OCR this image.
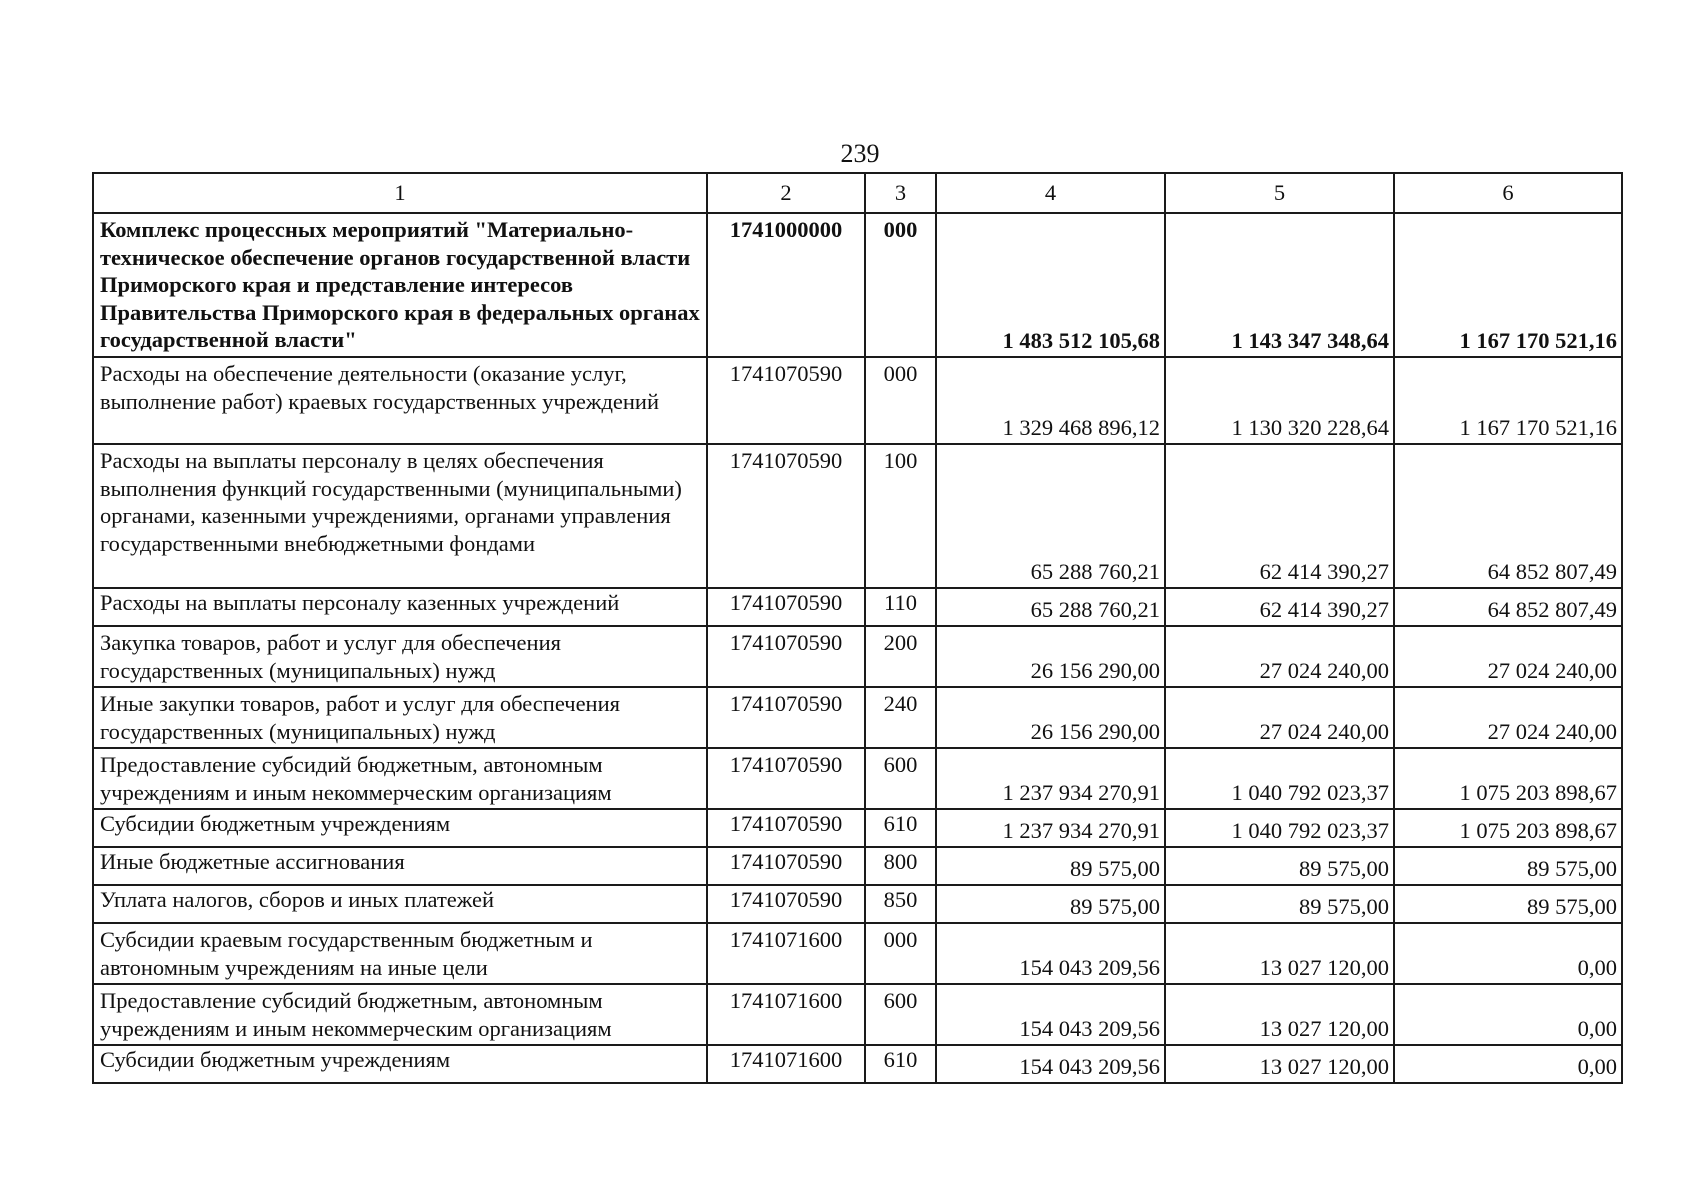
239
1	2	3	4	5	6
Комплекс процессных мероприятий "Материально-техническое обеспечение органов государственной власти Приморского края и представление интересов Правительства Приморского края в федеральных органах государственной власти"	1741000000	000	1 483 512 105,68	1 143 347 348,64	1 167 170 521,16
Расходы на обеспечение деятельности (оказание услуг, выполнение работ) краевых государственных учреждений	1741070590	000	1 329 468 896,12	1 130 320 228,64	1 167 170 521,16
Расходы на выплаты персоналу в целях обеспечения выполнения функций государственными (муниципальными) органами, казенными учреждениями, органами управления государственными внебюджетными фондами	1741070590	100	65 288 760,21	62 414 390,27	64 852 807,49
Расходы на выплаты персоналу казенных учреждений	1741070590	110	65 288 760,21	62 414 390,27	64 852 807,49
Закупка товаров, работ и услуг для обеспечения государственных (муниципальных) нужд	1741070590	200	26 156 290,00	27 024 240,00	27 024 240,00
Иные закупки товаров, работ и услуг для обеспечения государственных (муниципальных) нужд	1741070590	240	26 156 290,00	27 024 240,00	27 024 240,00
Предоставление субсидий бюджетным, автономным учреждениям и иным некоммерческим организациям	1741070590	600	1 237 934 270,91	1 040 792 023,37	1 075 203 898,67
Субсидии бюджетным учреждениям	1741070590	610	1 237 934 270,91	1 040 792 023,37	1 075 203 898,67
Иные бюджетные ассигнования	1741070590	800	89 575,00	89 575,00	89 575,00
Уплата налогов, сборов и иных платежей	1741070590	850	89 575,00	89 575,00	89 575,00
Субсидии краевым государственным бюджетным и автономным учреждениям на иные цели	1741071600	000	154 043 209,56	13 027 120,00	0,00
Предоставление субсидий бюджетным, автономным учреждениям и иным некоммерческим организациям	1741071600	600	154 043 209,56	13 027 120,00	0,00
Субсидии бюджетным учреждениям	1741071600	610	154 043 209,56	13 027 120,00	0,00
